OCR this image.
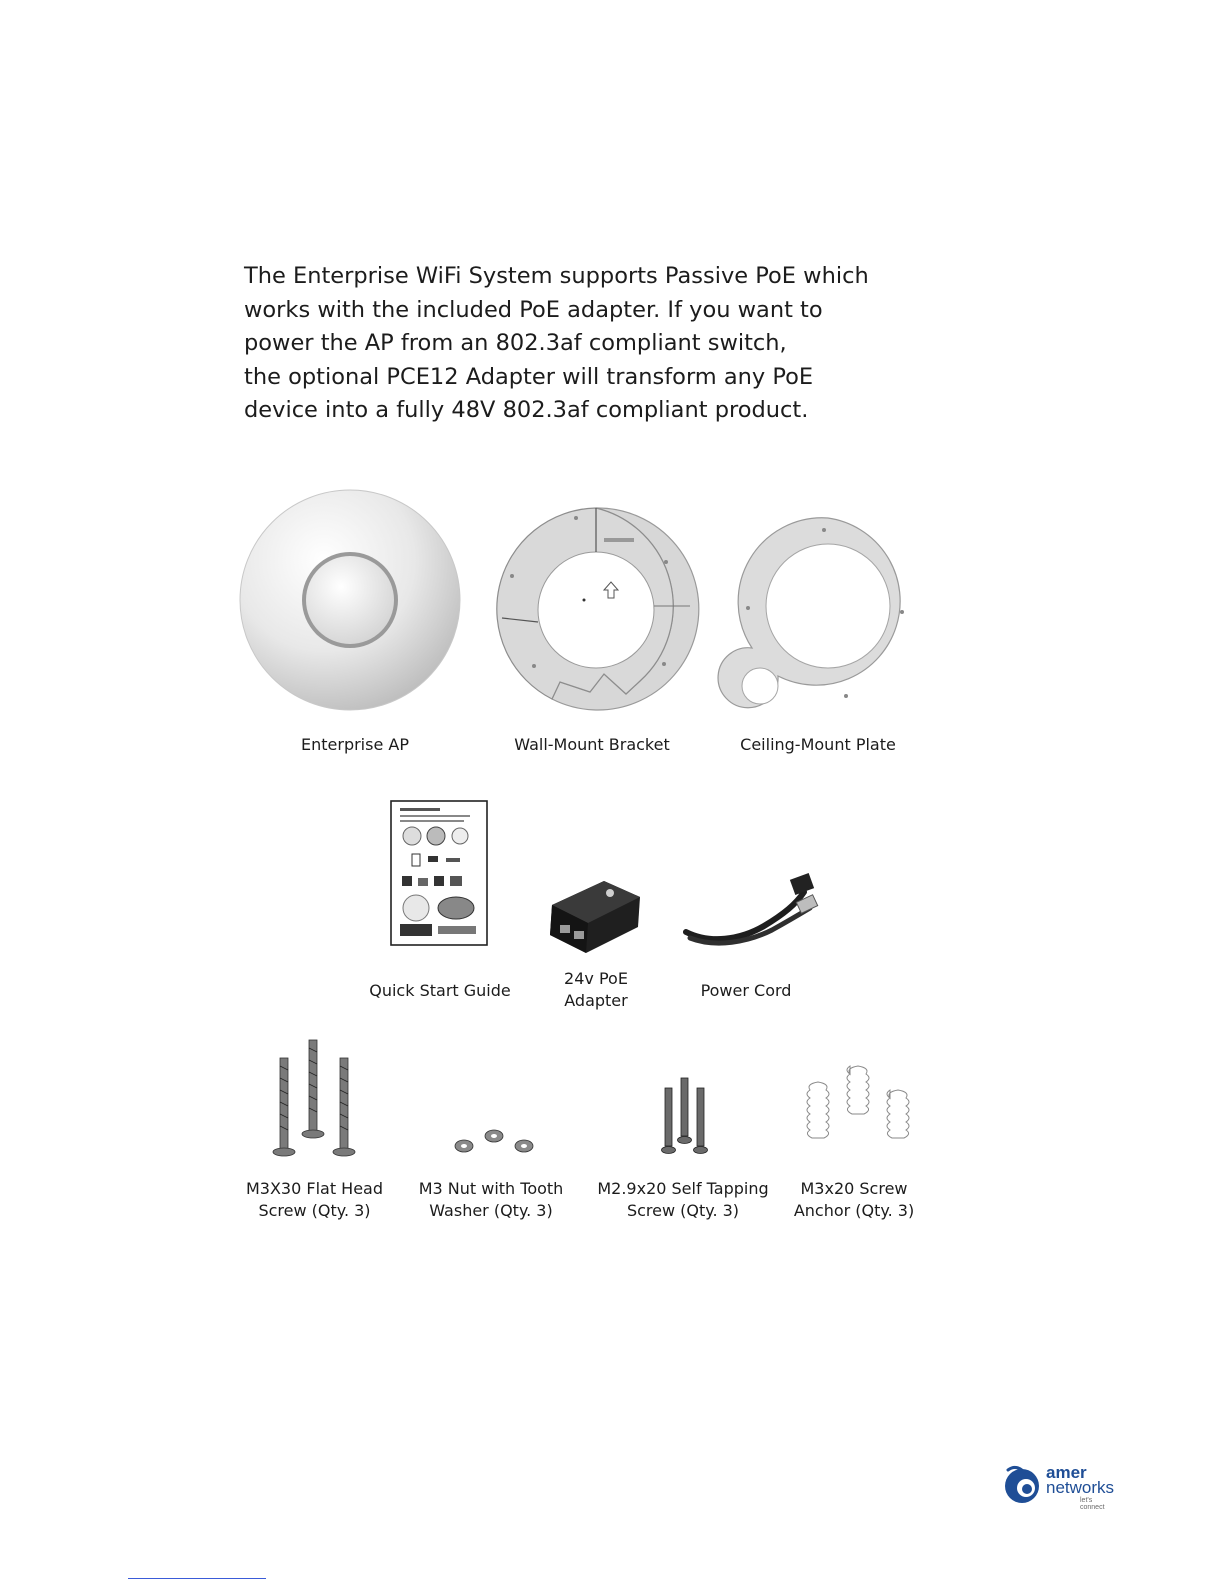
The Enterprise WiFi System supports Passive PoE which
works with the included PoE adapter. If you want to
power the AP from an 802.3af compliant switch,
the optional PCE12 Adapter will transform any PoE
device into a fully 48V 802.3af compliant product.

Enterprise AP	Wall-Mount Bracket	Ceiling-Mount Plate
Quick Start Guide
24v PoE
Adapter
Power Cord
M3X30 Flat Head
Screw (Qty. 3)
M3 Nut with Tooth
Washer (Qty. 3)
M2.9x20 Self Tapping
Screw (Qty. 3)
M3x20 Screw
Anchor (Qty. 3)
amer
networks
let's connect
